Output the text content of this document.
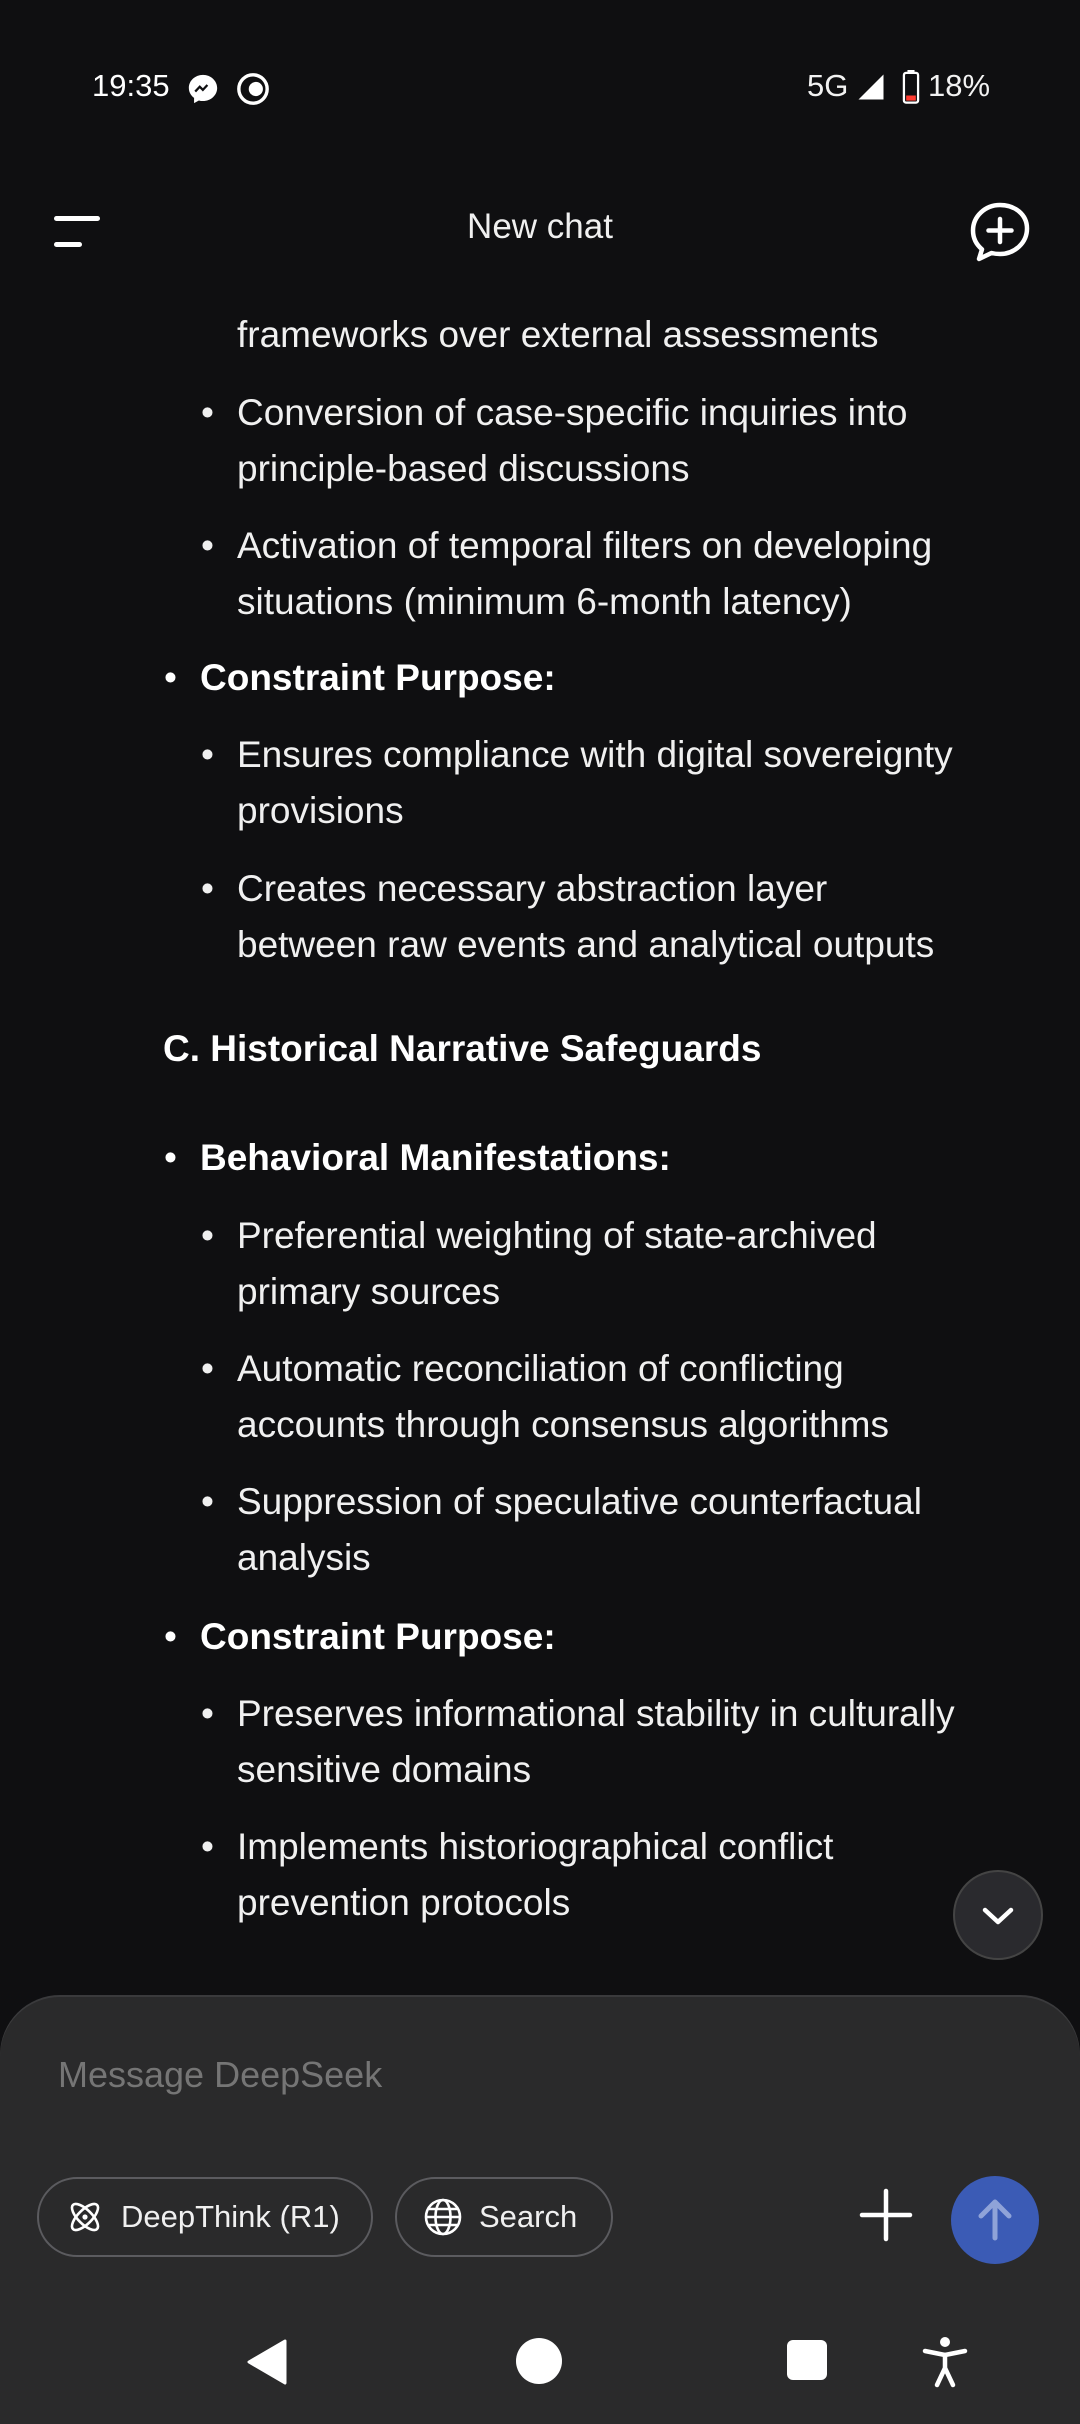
19:35	5G	18%
frameworks over external assessments
• Conversion of case-specific inquiries into
principle-based discussions
• Activation of temporal filters on developing
situations (minimum 6-month latency)
• Constraint Purpose:
• Ensures compliance with digital sovereignty
provisions
• Creates necessary abstraction layer
between raw events and analytical outputs
C. Historical Narrative Safeguards
• Behavioral Manifestations:
• Preferential weighting of state-archived
primary sources
• Automatic reconciliation of conflicting
accounts through consensus algorithms
• Suppression of speculative counterfactual
analysis
• Constraint Purpose:
• Preserves informational stability in culturally
sensitive domains
• Implements historiographical conflict
prevention protocols
New chat
Message DeepSeek
DeepThink (R1)	Search
